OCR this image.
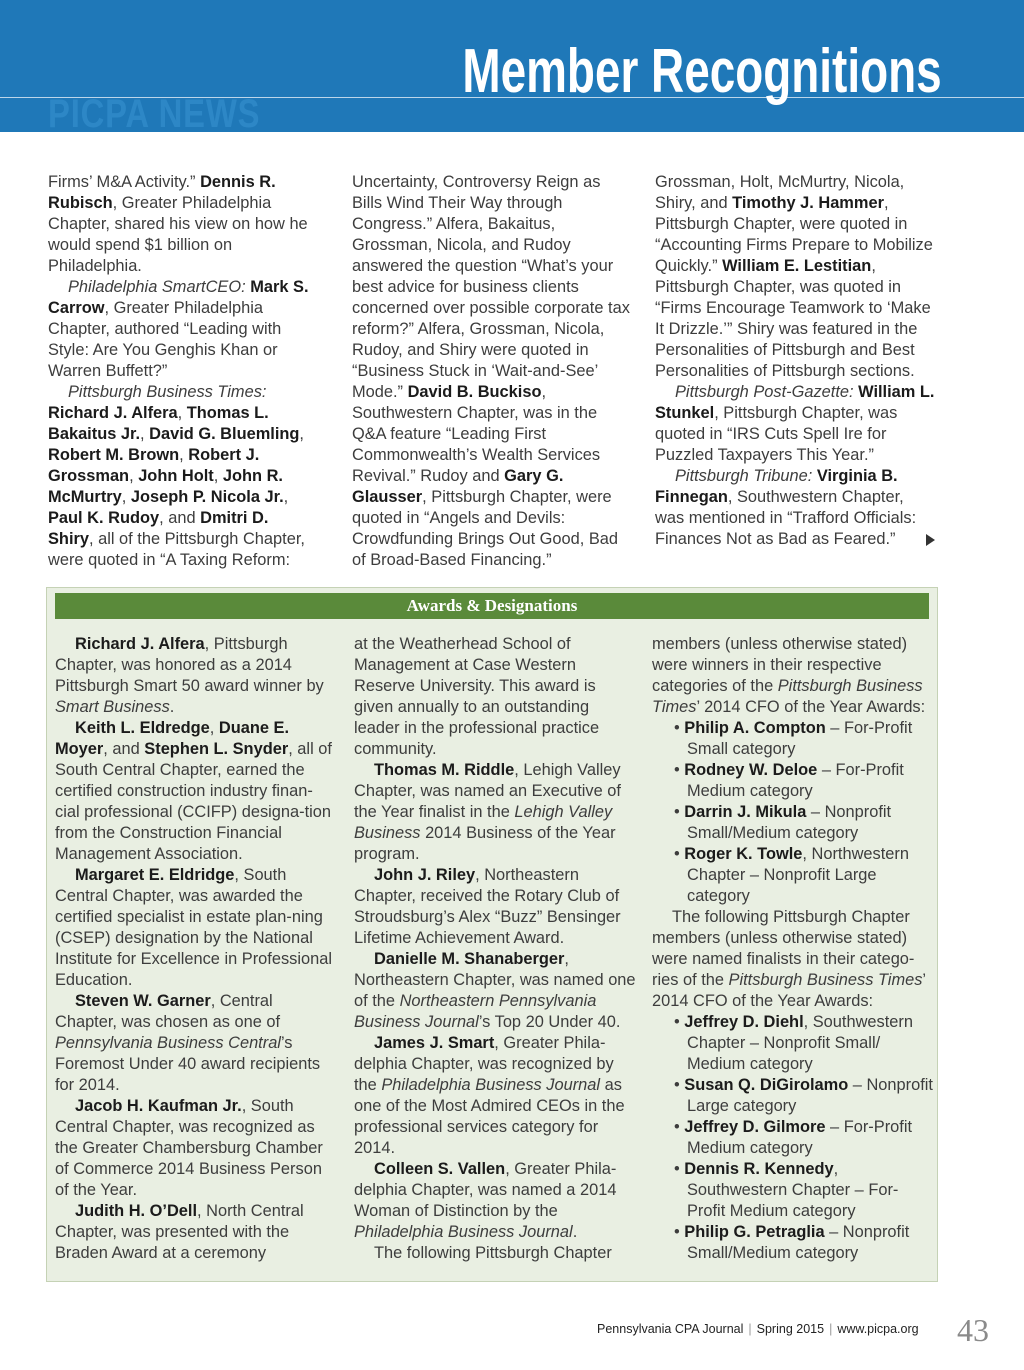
PICPA NEWS
Member Recognitions

Firms’ M&A Activity.” Dennis R. Rubisch, Greater Philadelphia Chapter, shared his view on how he would spend $1 billion on Philadelphia.

Philadelphia SmartCEO: Mark S. Carrow, Greater Philadelphia Chapter, authored “Leading with Style: Are You Genghis Khan or Warren Buffett?”

Pittsburgh Business Times: Richard J. Alfera, Thomas L. Bakaitus Jr., David G. Bluemling, Robert M. Brown, Robert J. Grossman, John Holt, John R. McMurtry, Joseph P. Nicola Jr., Paul K. Rudoy, and Dmitri D. Shiry, all of the Pittsburgh Chapter, were quoted in “A Taxing Reform:

Uncertainty, Controversy Reign as Bills Wind Their Way through Congress.” Alfera, Bakaitus, Grossman, Nicola, and Rudoy answered the question “What’s your best advice for business clients concerned over possible corporate tax reform?” Alfera, Grossman, Nicola, Rudoy, and Shiry were quoted in “Business Stuck in ‘Wait-and-See’ Mode.” David B. Buckiso, Southwestern Chapter, was in the Q&A feature “Leading First Commonwealth’s Wealth Services Revival.” Rudoy and Gary G. Glausser, Pittsburgh Chapter, were quoted in “Angels and Devils: Crowdfunding Brings Out Good, Bad of Broad-Based Financing.”

Grossman, Holt, McMurtry, Nicola, Shiry, and Timothy J. Hammer, Pittsburgh Chapter, were quoted in “Accounting Firms Prepare to Mobilize Quickly.” William E. Lestitian, Pittsburgh Chapter, was quoted in “Firms Encourage Teamwork to ‘Make It Drizzle.’” Shiry was featured in the Personalities of Pittsburgh and Best Personalities of Pittsburgh sections.

Pittsburgh Post-Gazette: William L. Stunkel, Pittsburgh Chapter, was quoted in “IRS Cuts Spell Ire for Puzzled Taxpayers This Year.”

Pittsburgh Tribune: Virginia B. Finnegan, Southwestern Chapter, was mentioned in “Trafford Officials: Finances Not as Bad as Feared.”

Awards & Designations

Richard J. Alfera, Pittsburgh Chapter, was honored as a 2014 Pittsburgh Smart 50 award winner by Smart Business.

Keith L. Eldredge, Duane E. Moyer, and Stephen L. Snyder, all of South Central Chapter, earned the certified construction industry finan-cial professional (CCIFP) designa-tion from the Construction Financial Management Association.

Margaret E. Eldridge, South Central Chapter, was awarded the certified specialist in estate plan-ning (CSEP) designation by the National Institute for Excellence in Professional Education.

Steven W. Garner, Central Chapter, was chosen as one of Pennsylvania Business Central’s Foremost Under 40 award recipients for 2014.

Jacob H. Kaufman Jr., South Central Chapter, was recognized as the Greater Chambersburg Chamber of Commerce 2014 Business Person of the Year.

Judith H. O’Dell, North Central Chapter, was presented with the Braden Award at a ceremony

at the Weatherhead School of Management at Case Western Reserve University. This award is given annually to an outstanding leader in the professional practice community.

Thomas M. Riddle, Lehigh Valley Chapter, was named an Executive of the Year finalist in the Lehigh Valley Business 2014 Business of the Year program.

John J. Riley, Northeastern Chapter, received the Rotary Club of Stroudsburg’s Alex “Buzz” Bensinger Lifetime Achievement Award.

Danielle M. Shanaberger, Northeastern Chapter, was named one of the Northeastern Pennsylvania Business Journal’s Top 20 Under 40.

James J. Smart, Greater Phila-delphia Chapter, was recognized by the Philadelphia Business Journal as one of the Most Admired CEOs in the professional services category for 2014.

Colleen S. Vallen, Greater Phila-delphia Chapter, was named a 2014 Woman of Distinction by the Philadelphia Business Journal.

The following Pittsburgh Chapter

members (unless otherwise stated) were winners in their respective categories of the Pittsburgh Business Times’ 2014 CFO of the Year Awards:

• Philip A. Compton – For-Profit Small category

• Rodney W. Deloe – For-Profit Medium category

• Darrin J. Mikula – Nonprofit Small/Medium category

• Roger K. Towle, Northwestern Chapter – Nonprofit Large category

The following Pittsburgh Chapter members (unless otherwise stated) were named finalists in their catego-ries of the Pittsburgh Business Times’ 2014 CFO of the Year Awards:

• Jeffrey D. Diehl, Southwestern Chapter – Nonprofit Small/ Medium category

• Susan Q. DiGirolamo – Nonprofit Large category

• Jeffrey D. Gilmore – For-Profit Medium category

• Dennis R. Kennedy, Southwestern Chapter – For-Profit Medium category

• Philip G. Petraglia – Nonprofit Small/Medium category

Pennsylvania CPA Journal | Spring 2015 | www.picpa.org 43
